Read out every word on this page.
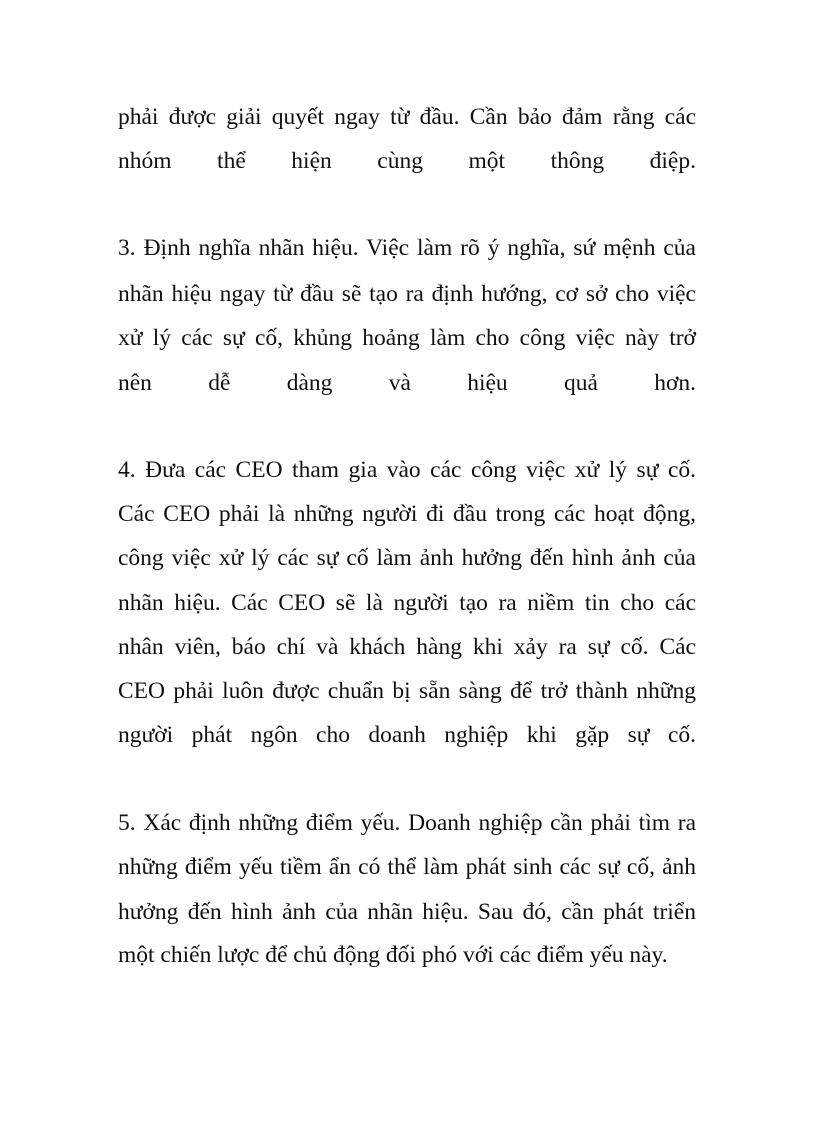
phải được giải quyết ngay từ đầu. Cần bảo đảm rằng các
nhóm thể hiện cùng một thông điệp.
3. Định nghĩa nhãn hiệu. Việc làm rõ ý nghĩa, sứ mệnh của
nhãn hiệu ngay từ đầu sẽ tạo ra định hướng, cơ sở cho việc
xử lý các sự cố, khủng hoảng làm cho công việc này trở
nên dễ dàng và hiệu quả hơn.
4. Đưa các CEO tham gia vào các công việc xử lý sự cố.
Các CEO phải là những người đi đầu trong các hoạt động,
công việc xử lý các sự cố làm ảnh hưởng đến hình ảnh của
nhãn hiệu. Các CEO sẽ là người tạo ra niềm tin cho các
nhân viên, báo chí và khách hàng khi xảy ra sự cố. Các
CEO phải luôn được chuẩn bị sẵn sàng để trở thành những
người phát ngôn cho doanh nghiệp khi gặp sự cố.
5. Xác định những điểm yếu. Doanh nghiệp cần phải tìm ra
những điểm yếu tiềm ẩn có thể làm phát sinh các sự cố, ảnh
hưởng đến hình ảnh của nhãn hiệu. Sau đó, cần phát triển
một chiến lược để chủ động đối phó với các điểm yếu này.
